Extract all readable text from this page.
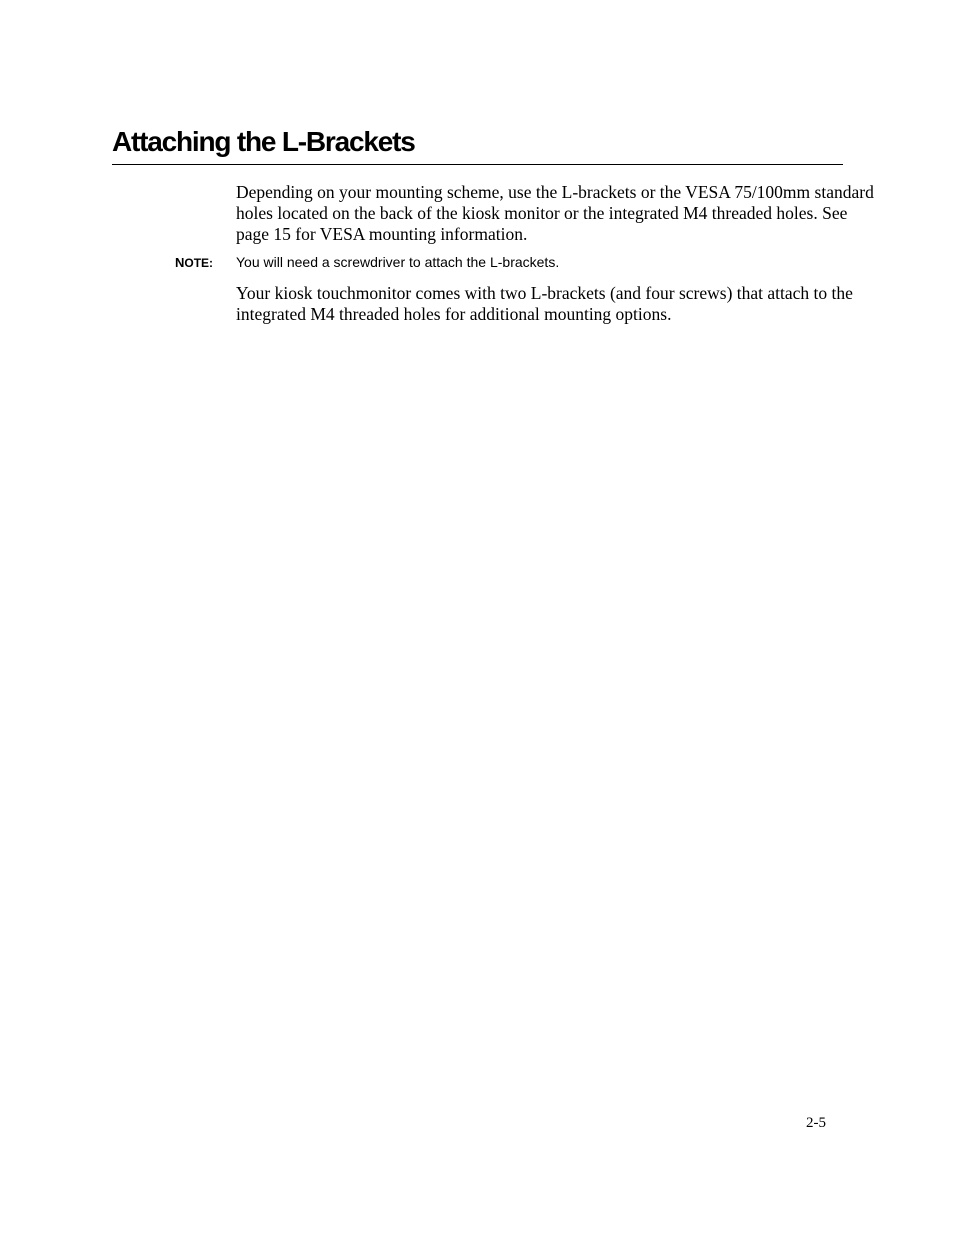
Attaching the L-Brackets

Depending on your mounting scheme, use the L-brackets or the VESA 75/100mm standard holes located on the back of the kiosk monitor or the integrated M4 threaded holes. See page 15 for VESA mounting information.

NOTE: You will need a screwdriver to attach the L-brackets.

Your kiosk touchmonitor comes with two L-brackets (and four screws) that attach to the integrated M4 threaded holes for additional mounting options.

2-5
